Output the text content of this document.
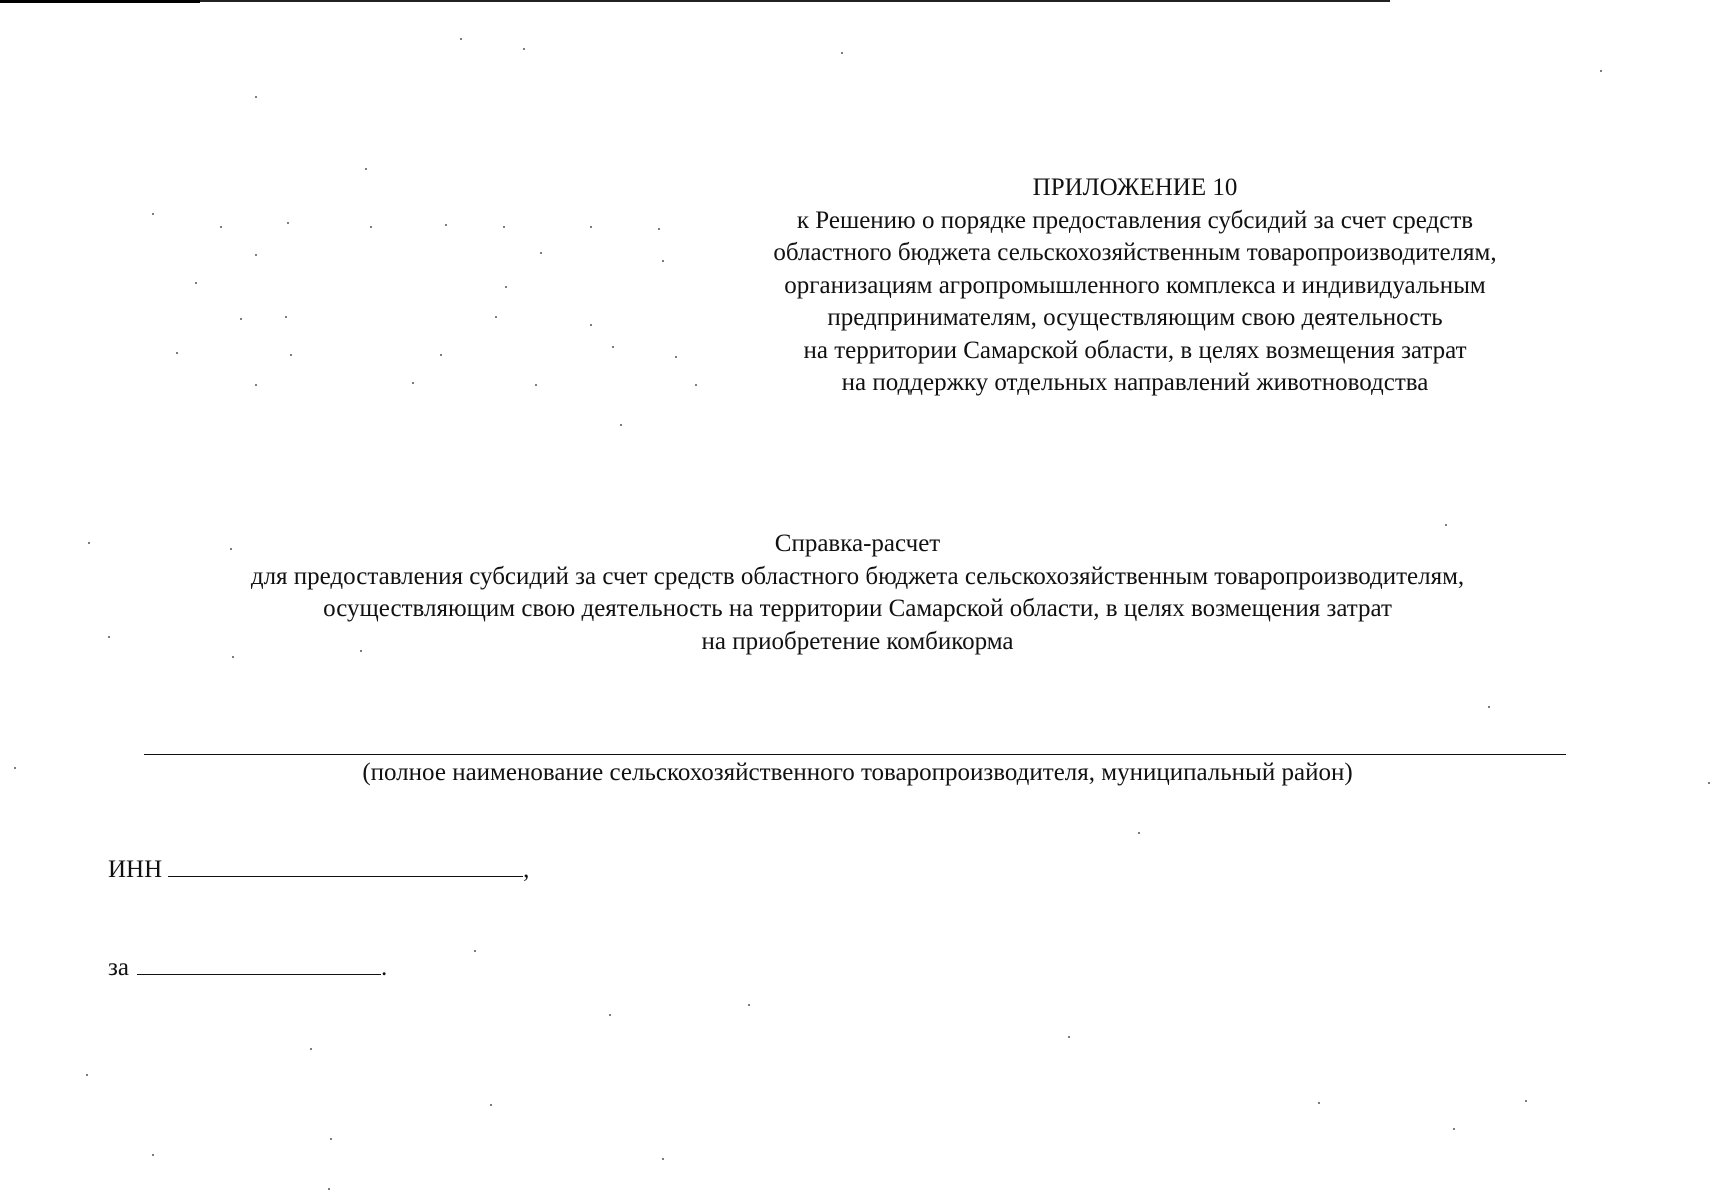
ПРИЛОЖЕНИЕ 10
к Решению о порядке предоставления субсидий за счет средств
областного бюджета сельскохозяйственным товаропроизводителям,
организациям агропромышленного комплекса и индивидуальным
предпринимателям, осуществляющим свою деятельность
на территории Самарской области, в целях возмещения затрат
на поддержку отдельных направлений животноводства
Справка-расчет
для предоставления субсидий за счет средств областного бюджета сельскохозяйственным товаропроизводителям,
осуществляющим свою деятельность на территории Самарской области, в целях возмещения затрат
на приобретение комбикорма
(полное наименование сельскохозяйственного товаропроизводителя, муниципальный район)
ИНН	,
за	.
